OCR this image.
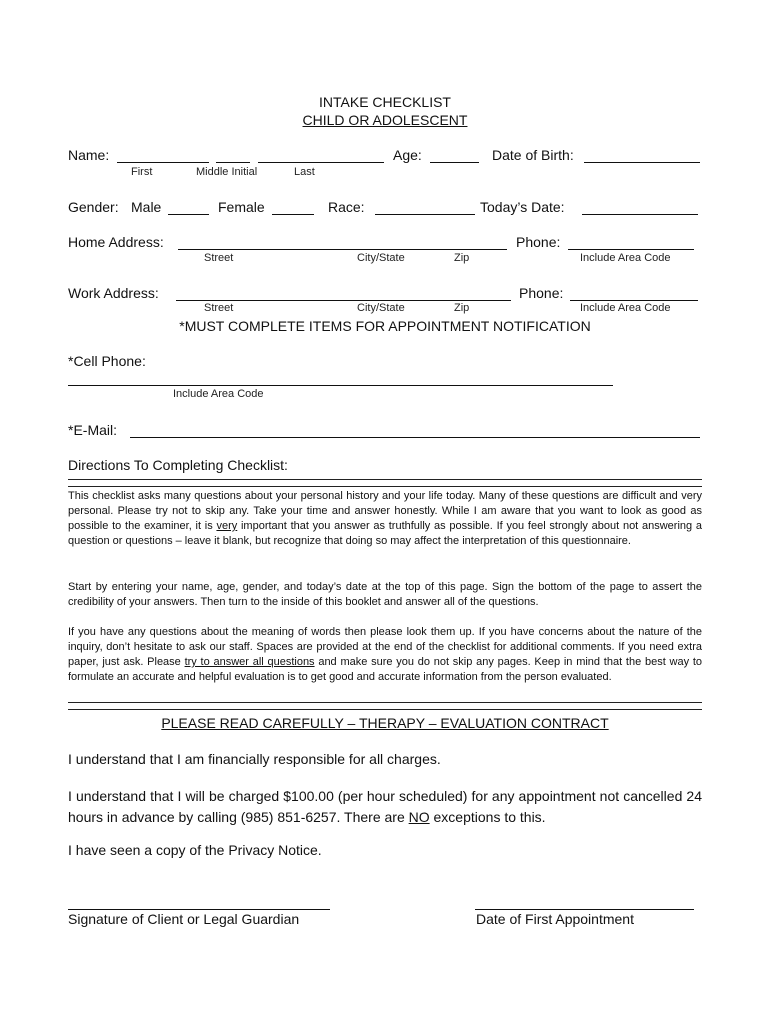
INTAKE CHECKLIST
CHILD OR ADOLESCENT
Name:	Age:	Date of Birth:
First	Middle Initial	Last
Gender: Male	Female	Race:	Today’s Date:
Home Address:	Phone:
Street	City/State	Zip	Include Area Code
Work Address:	Phone:
Street	City/State	Zip	Include Area Code
*MUST COMPLETE ITEMS FOR APPOINTMENT NOTIFICATION
*Cell Phone:
Include Area Code
*E-Mail:
Directions To Completing Checklist:
This checklist asks many questions about your personal history and your life today. Many of these questions are difficult and very personal. Please try not to skip any. Take your time and answer honestly. While I am aware that you want to look as good as possible to the examiner, it is very important that you answer as truthfully as possible. If you feel strongly about not answering a question or questions – leave it blank, but recognize that doing so may affect the interpretation of this questionnaire.
Start by entering your name, age, gender, and today’s date at the top of this page. Sign the bottom of the page to assert the credibility of your answers. Then turn to the inside of this booklet and answer all of the questions.
If you have any questions about the meaning of words then please look them up. If you have concerns about the nature of the inquiry, don’t hesitate to ask our staff. Spaces are provided at the end of the checklist for additional comments. If you need extra paper, just ask. Please try to answer all questions and make sure you do not skip any pages. Keep in mind that the best way to formulate an accurate and helpful evaluation is to get good and accurate information from the person evaluated.
PLEASE READ CAREFULLY – THERAPY – EVALUATION CONTRACT
I understand that I am financially responsible for all charges.
I understand that I will be charged $100.00 (per hour scheduled) for any appointment not cancelled 24 hours in advance by calling (985) 851-6257. There are NO exceptions to this.
I have seen a copy of the Privacy Notice.
Signature of Client or Legal Guardian	Date of First Appointment
